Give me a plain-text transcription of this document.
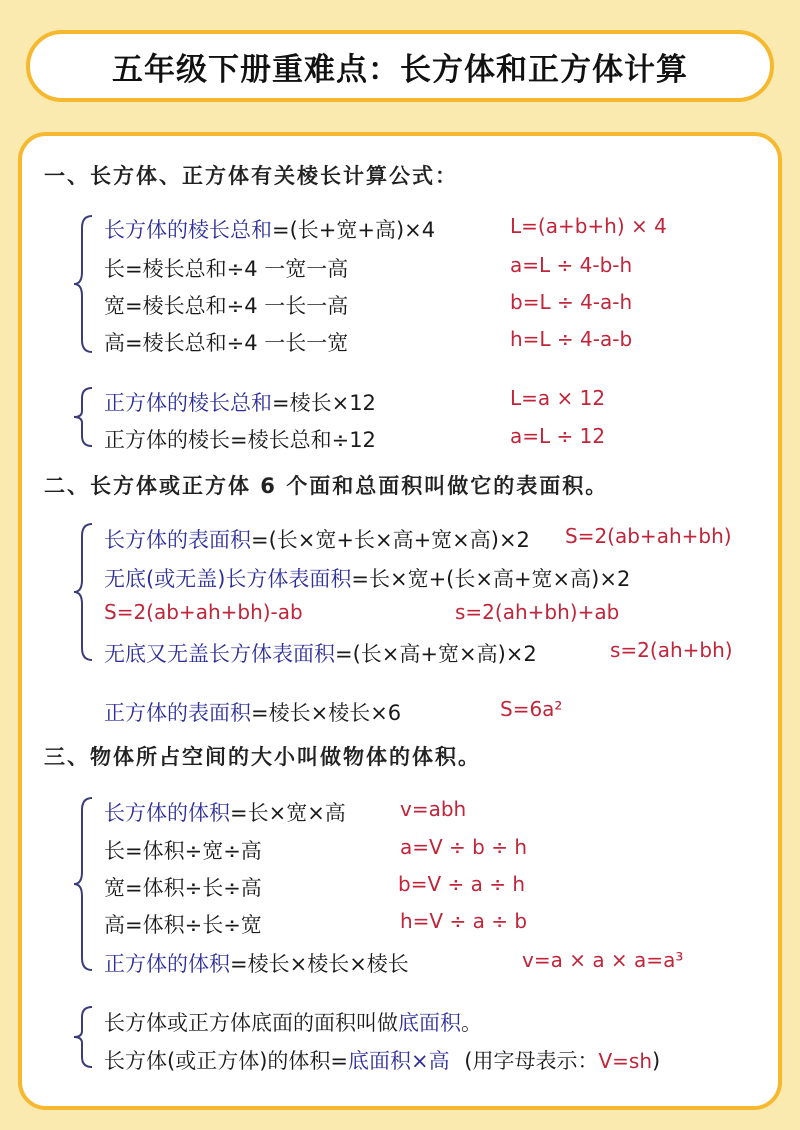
五年级下册重难点：长方体和正方体计算
一、长方体、正方体有关棱长计算公式：
长方体的棱长总和=(长+宽+高)×4	L=(a+b+h) × 4
长=棱长总和÷4 一宽一高	a=L ÷ 4-b-h
宽=棱长总和÷4 一长一高	b=L ÷ 4-a-h
高=棱长总和÷4 一长一宽	h=L ÷ 4-a-b
正方体的棱长总和=棱长×12	L=a × 12
正方体的棱长=棱长总和÷12	a=L ÷ 12
二、长方体或正方体 6 个面和总面积叫做它的表面积。
长方体的表面积=(长×宽+长×高+宽×高)×2 S=2(ab+ah+bh)
无底(或无盖)长方体表面积=长×宽+(长×高+宽×高)×2
S=2(ab+ah+bh)-ab	s=2(ah+bh)+ab
无底又无盖长方体表面积=(长×高+宽×高)×2	s=2(ah+bh)
正方体的表面积=棱长×棱长×6	S=6a²
三、物体所占空间的大小叫做物体的体积。
长方体的体积=长×宽×高	v=abh
长=体积÷宽÷高	a=V ÷ b ÷ h
宽=体积÷长÷高	b=V ÷ a ÷ h
高=体积÷长÷宽	h=V ÷ a ÷ b
正方体的体积=棱长×棱长×棱长	v=a × a × a=a³
长方体或正方体底面的面积叫做底面积。
长方体(或正方体)的体积=底面积×高 (用字母表示：V=sh)
